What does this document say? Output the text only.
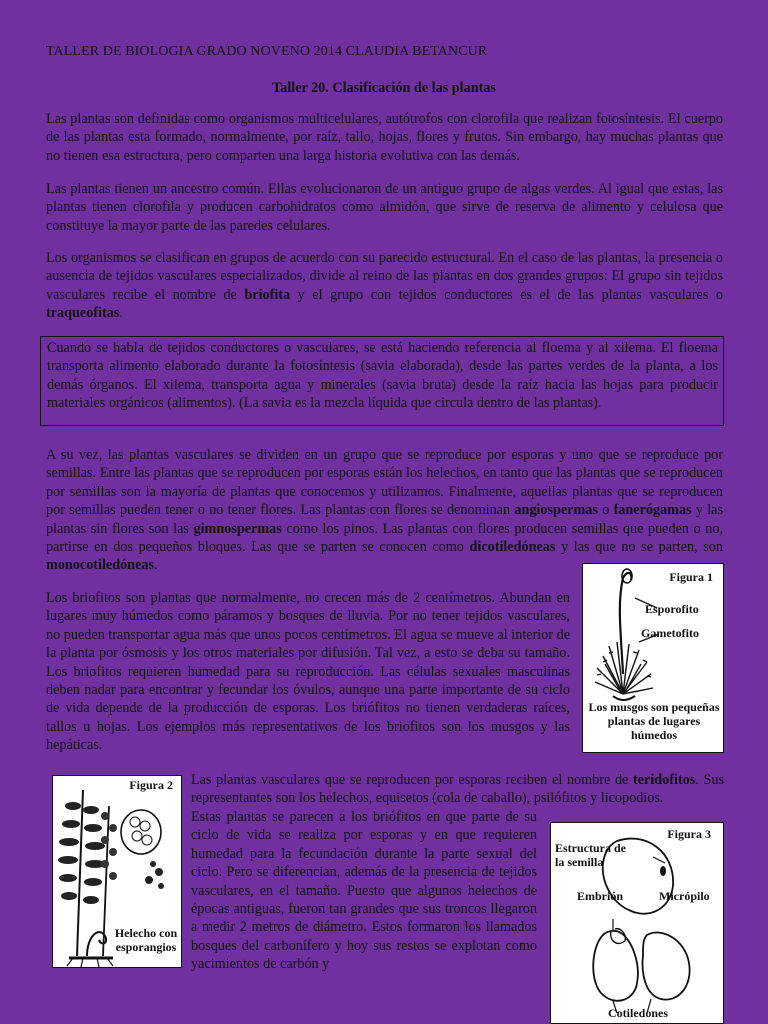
TALLER DE BIOLOGIA GRADO NOVENO 2014 CLAUDIA BETANCUR
Taller 20. Clasificación de las plantas

Las plantas son definidas como organismos multicelulares, autótrofos con clorofila que realizan fotosíntesis. El cuerpo de las plantas esta formado, normalmente, por raíz, tallo, hojas, flores y frutos. Sin embargo, hay muchas plantas que no tienen esa estructura, pero comparten una larga historia evolutiva con las demás.

Las plantas tienen un ancestro común. Ellas evolucionaron de un antiguo grupo de algas verdes. Al igual que estas, las plantas tienen clorofila y producen carbohidratos como almidón, que sirve de reserva de alimento y celulosa que constituye la mayor parte de las paredes celulares.

Los organismos se clasifican en grupos de acuerdo con su parecido estructural. En el caso de las plantas, la presencia o ausencia de tejidos vasculares especializados, divide al reino de las plantas en dos grandes grupos: El grupo sin tejidos vasculares recibe el nombre de briofita y el grupo con tejidos conductores es el de las plantas vasculares o traqueofitas.

Cuando se habla de tejidos conductores o vasculares, se está haciendo referencia al floema y al xilema. El floema transporta alimento elaborado durante la fotosíntesis (savia elaborada), desde las partes verdes de la planta, a los demás órganos. El xilema, transporta agua y minerales (savia bruta) desde la raíz hacia las hojas para producir materiales orgánicos (alimentos). (La savia es la mezcla líquida que circula dentro de las plantas).

A su vez, las plantas vasculares se dividen en un grupo que se reproduce por esporas y uno que se reproduce por semillas. Entre las plantas que se reproducen por esporas están los helechos, en tanto que las plantas que se reproducen por semillas son la mayoría de plantas que conocemos y utilizamos. Finalmente, aquellas plantas que se reproducen por semillas pueden tener o no tener flores. Las plantas con flores se denominan angiospermas o fanerógamas y las plantas sin flores son las gimnospermas como los pinos. Las plantas con flores producen semillas que pueden o no, partirse en dos pequeños bloques. Las que se parten se conocen como dicotiledóneas y las que no se parten, son monocotiledóneas.

Los briofitos son plantas que normalmente, no crecen más de 2 centímetros. Abundan en lugares muy húmedos como páramos y bosques de lluvia. Por no tener tejidos vasculares, no pueden transportar agua más que unos pocos centímetros. El agua se mueve al interior de la planta por ósmosis y los otros materiales por difusión. Tal vez, a esto se deba su tamaño. Los briofitos requieren humedad para su reproducción. Las células sexuales masculinas deben nadar para encontrar y fecundar los óvulos, aunque una parte importante de su ciclo de vida depende de la producción de esporas. Los briófitos no tienen verdaderas raíces, tallos u hojas. Los ejemplos más representativos de los briofitos son los musgos y las hepáticas.

Figura 1
Esporofito
Gametofito
Los musgos son pequeñas plantas de lugares húmedos
Figura 2
Helecho con esporangios

Las plantas vasculares que se reproducen por esporas reciben el nombre de teridofitos. Sus representantes son los helechos, equisetos (cola de caballo), psilófitos y licopodios.

Estas plantas se parecen a los briófitos en que parte de su ciclo de vida se realiza por esporas y en que requieren humedad para la fecundación durante la parte sexual del ciclo. Pero se diferencian, además de la presencia de tejidos vasculares, en el tamaño. Puesto que algunos helechos de épocas antiguas, fueron tan grandes que sus troncos llegaron a medir 2 metros de diámetro. Estos formaron los llamados bosques del carbonífero y hoy sus restos se explotan como yacimientos de carbón y

Figura 3
Estructura de la semilla
Embrión	Micrópilo
Cotiledones
